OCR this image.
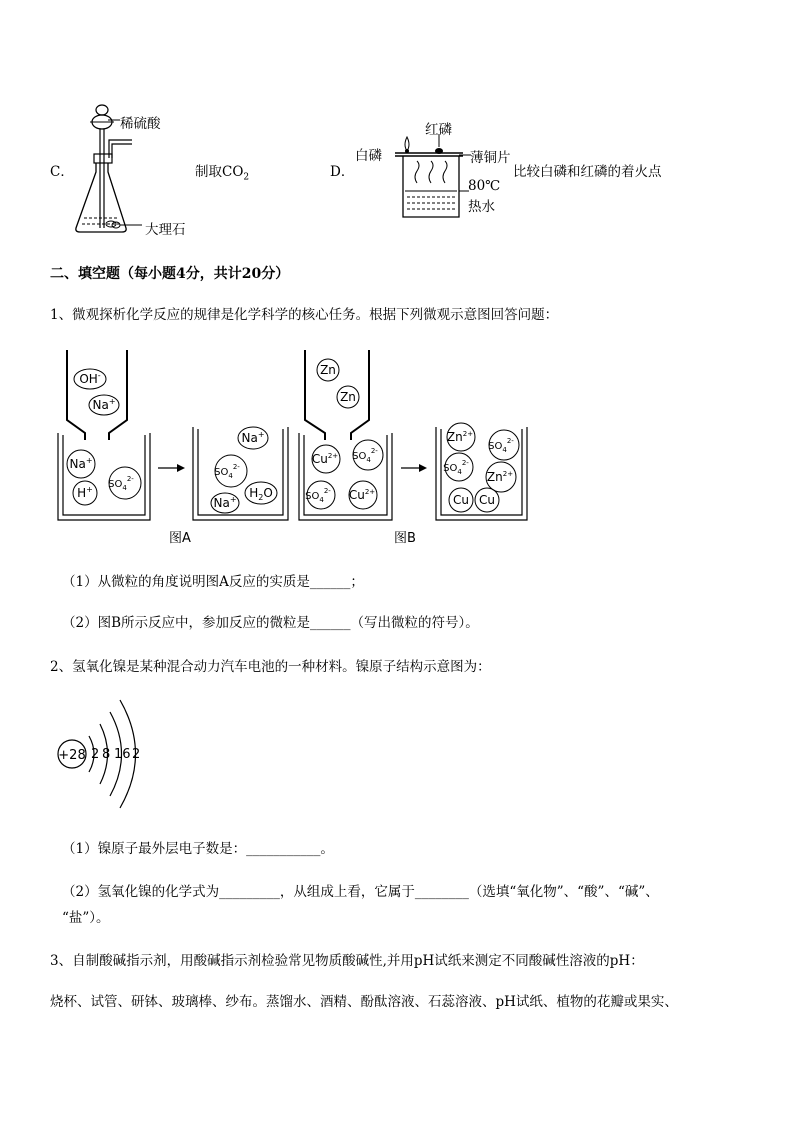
C．
稀硫酸
大理石
制取$CO_2$	D．
红磷
白磷	薄铜片
80℃
热水
比较白磷和红磷的着火点
二、填空题（每小题4分，共计20分）
1、微观探析化学反应的规律是化学科学的核心任务。根据下列微观示意图回答问题：
OH-
Na+
Na+
H+ $SO_4^{2-}$
Na+
$SO_4^{2-}$
$H_2O$
Na+
Zn
Zn
$Cu^{2+}$ $SO_4^{2-}$
$SO_4^{2-}$ $Cu^{2+}$
$Zn^{2+}$
$SO_4^{2-}$
$SO_4^{2-}$
$Zn^{2+}$
Cu Cu
图A	图B
（1）从微粒的角度说明图A反应的实质是______；
（2）图B所示反应中，参加反应的微粒是______（写出微粒的符号）。
2、氢氧化镍是某种混合动力汽车电池的一种材料。镍原子结构示意图为：
+28 2 8 16 2
（1）镍原子最外层电子数是：___________。
（2）氢氧化镍的化学式为_________，从组成上看，它属于________（选填“氧化物”、“酸”、“碱”、
“盐”）。
3、自制酸碱指示剂，用酸碱指示剂检验常见物质酸碱性,并用pH试纸来测定不同酸碱性溶液的pH：
烧杯、试管、研钵、玻璃棒、纱布。蒸馏水、酒精、酚酞溶液、石蕊溶液、pH试纸、植物的花瓣或果实、
